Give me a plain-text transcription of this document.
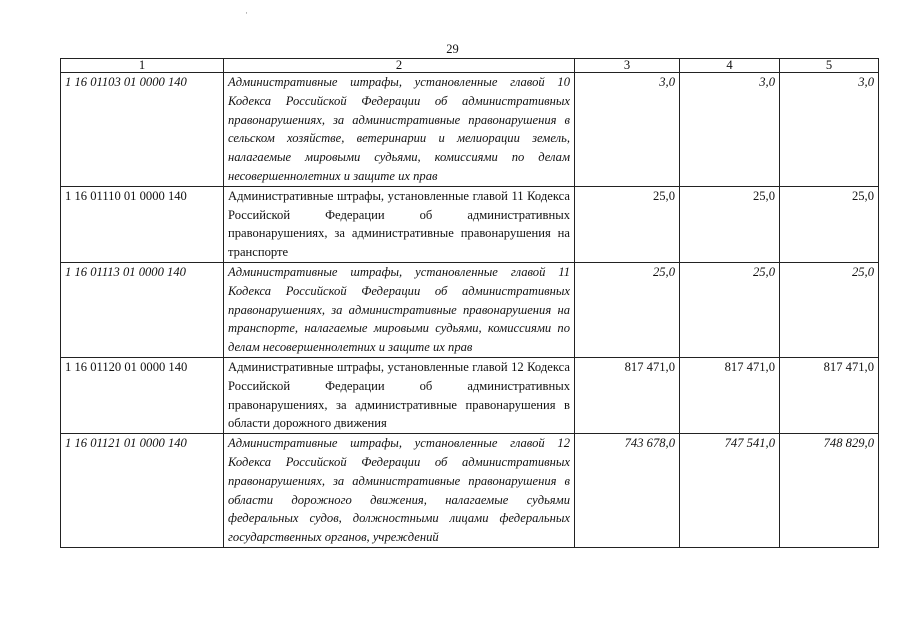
·
29
1	2	3	4	5
1 16 01103 01 0000 140	Административные штрафы, установленные главой 10 Кодекса Российской Федерации об административных правонарушениях, за административные правонарушения в сельском хозяйстве, ветеринарии и мелиорации земель, налагаемые мировыми судьями, комиссиями по делам несовершеннолетних и защите их прав	3,0	3,0	3,0
1 16 01110 01 0000 140	Административные штрафы, установленные главой 11 Кодекса Российской Федерации об административных правонарушениях, за административные правонарушения на транспорте	25,0	25,0	25,0
1 16 01113 01 0000 140	Административные штрафы, установленные главой 11 Кодекса Российской Федерации об административных правонарушениях, за административные правонарушения на транспорте, налагаемые мировыми судьями, комиссиями по делам несовершеннолетних и защите их прав	25,0	25,0	25,0
1 16 01120 01 0000 140	Административные штрафы, установленные главой 12 Кодекса Российской Федерации об административных правонарушениях, за административные правонарушения в области дорожного движения	817 471,0	817 471,0	817 471,0
1 16 01121 01 0000 140	Административные штрафы, установленные главой 12 Кодекса Российской Федерации об административных правонарушениях, за административные правонарушения в области дорожного движения, налагаемые судьями федеральных судов, должностными лицами федеральных государственных органов, учреждений	743 678,0	747 541,0	748 829,0
